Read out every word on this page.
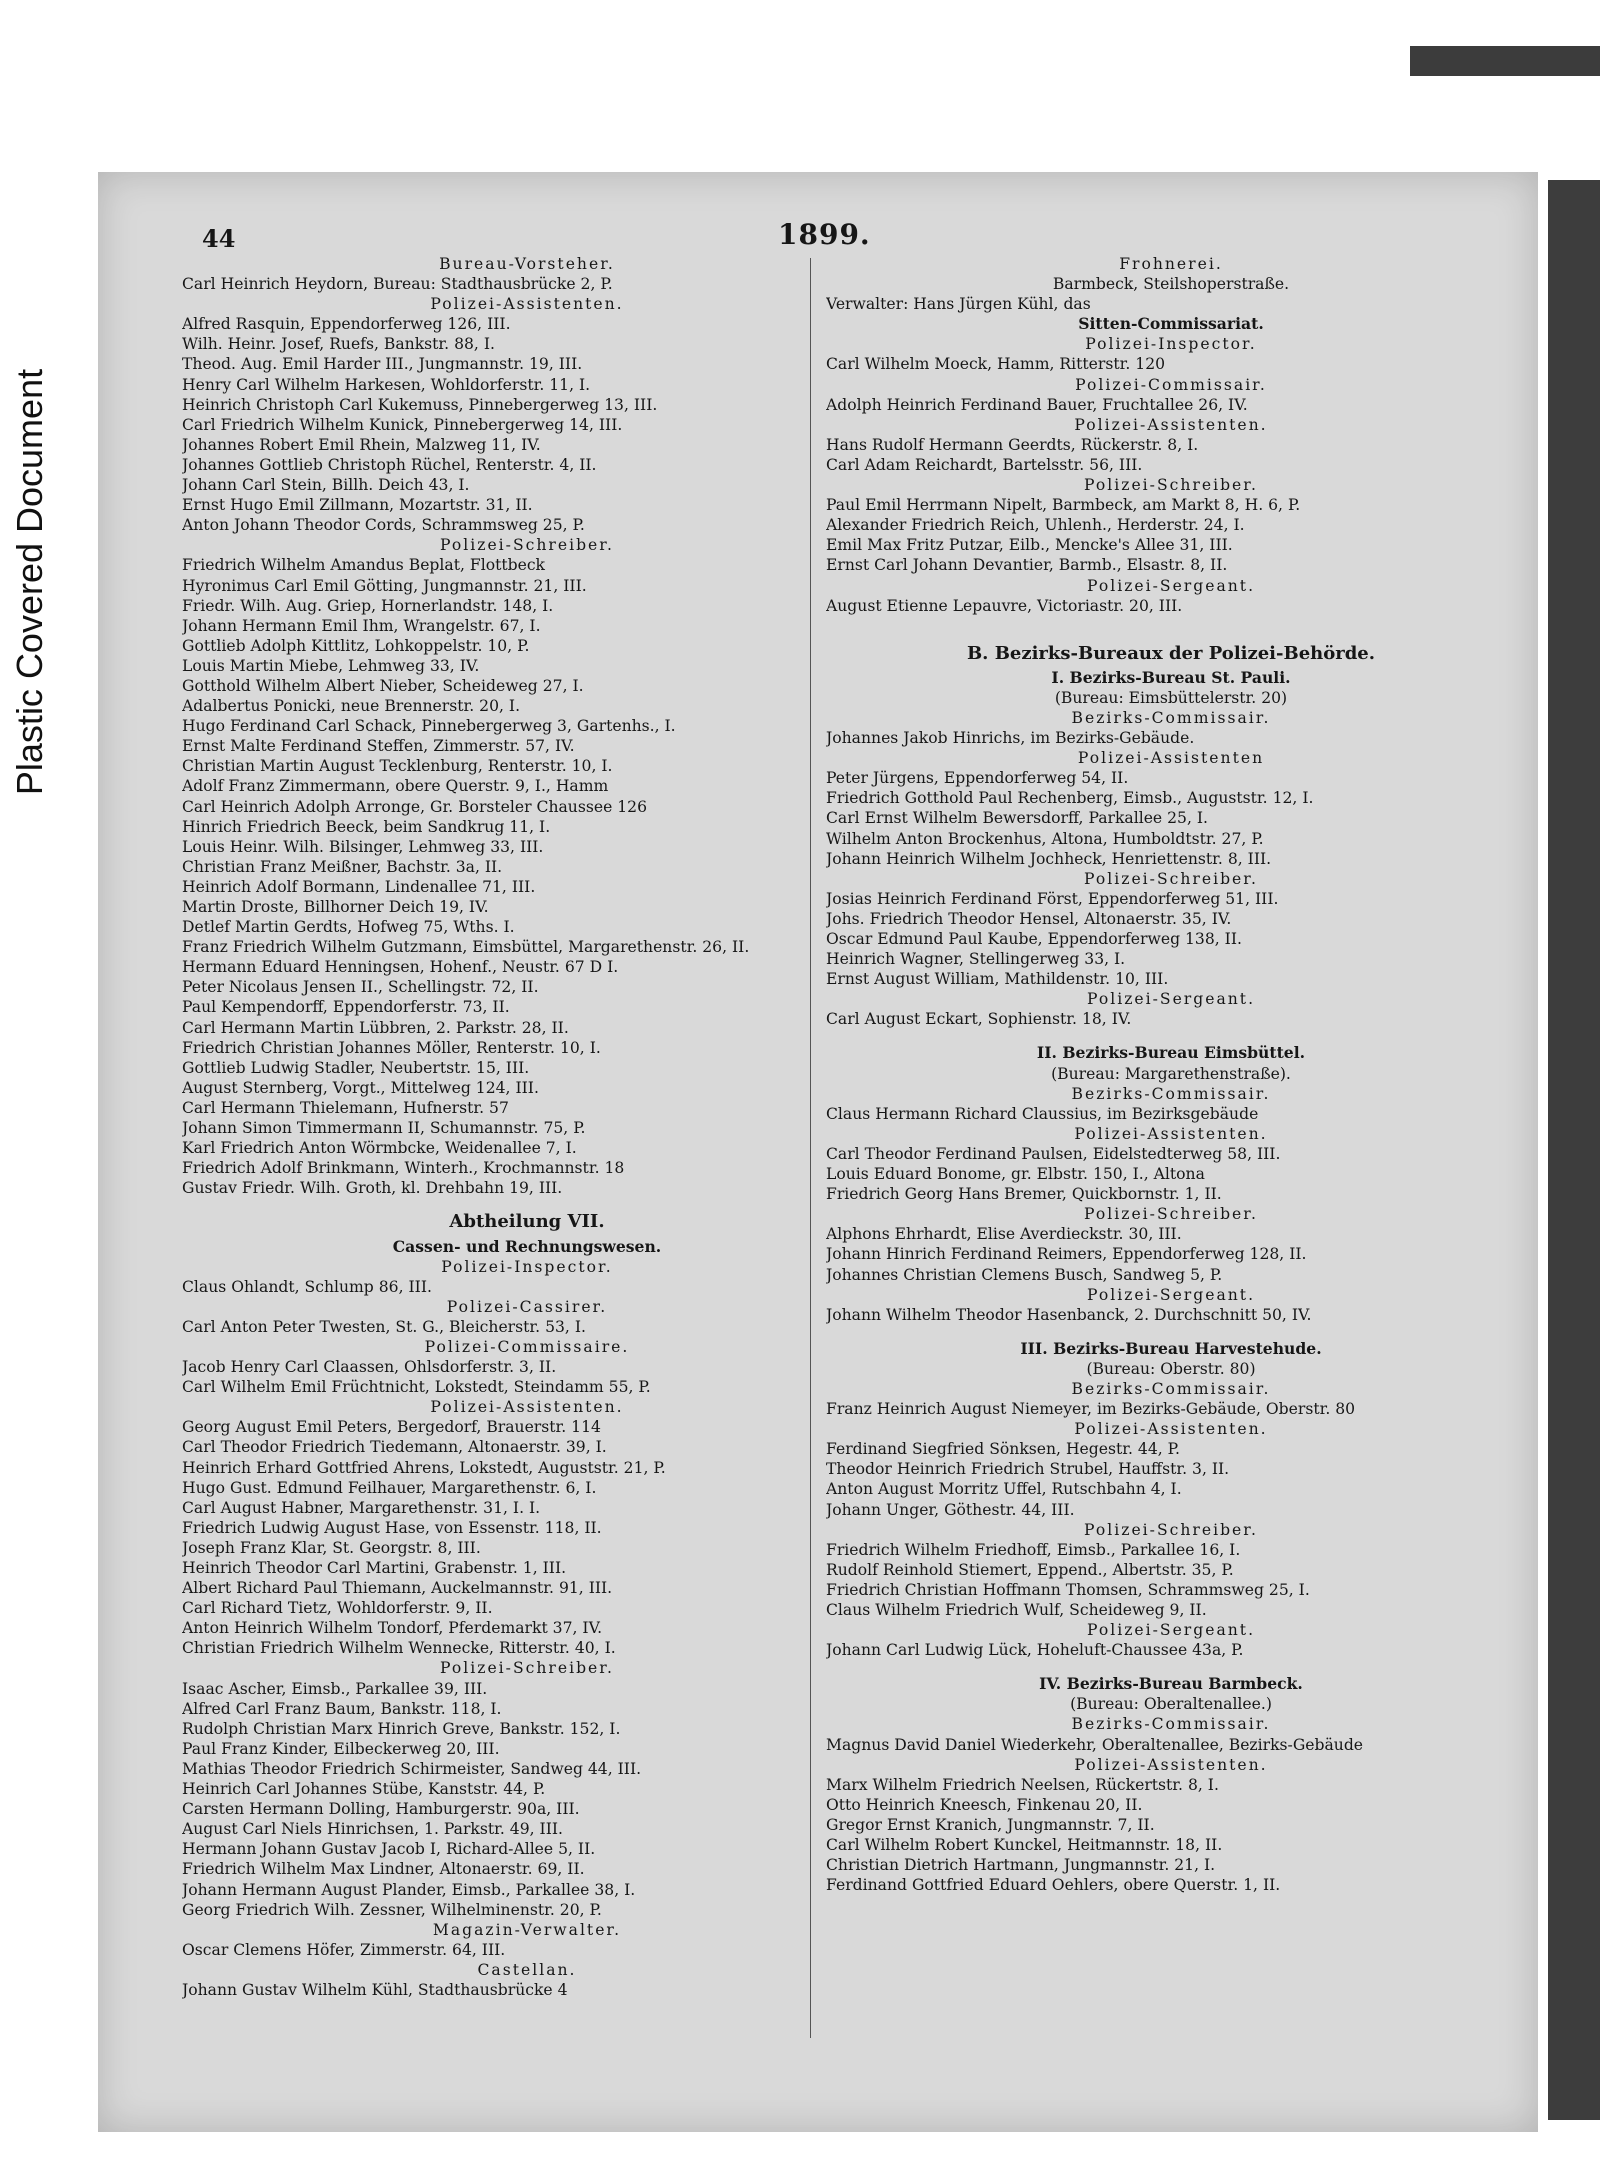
Plastic Covered Document
44	1899.
Bureau-Vorsteher.
Carl Heinrich Heydorn, Bureau: Stadthausbrücke 2, P.
Polizei-Assistenten.
Alfred Rasquin, Eppendorferweg 126, III.
Wilh. Heinr. Josef, Ruefs, Bankstr. 88, I.
Theod. Aug. Emil Harder III., Jungmannstr. 19, III.
Henry Carl Wilhelm Harkesen, Wohldorferstr. 11, I.
Heinrich Christoph Carl Kukemuss, Pinnebergerweg 13, III.
Carl Friedrich Wilhelm Kunick, Pinnebergerweg 14, III.
Johannes Robert Emil Rhein, Malzweg 11, IV.
Johannes Gottlieb Christoph Rüchel, Renterstr. 4, II.
Johann Carl Stein, Billh. Deich 43, I.
Ernst Hugo Emil Zillmann, Mozartstr. 31, II.
Anton Johann Theodor Cords, Schrammsweg 25, P.
Polizei-Schreiber.
Friedrich Wilhelm Amandus Beplat, Flottbeck
Hyronimus Carl Emil Götting, Jungmannstr. 21, III.
Friedr. Wilh. Aug. Griep, Hornerlandstr. 148, I.
Johann Hermann Emil Ihm, Wrangelstr. 67, I.
Gottlieb Adolph Kittlitz, Lohkoppelstr. 10, P.
Louis Martin Miebe, Lehmweg 33, IV.
Gotthold Wilhelm Albert Nieber, Scheideweg 27, I.
Adalbertus Ponicki, neue Brennerstr. 20, I.
Hugo Ferdinand Carl Schack, Pinnebergerweg 3, Gartenhs., I.
Ernst Malte Ferdinand Steffen, Zimmerstr. 57, IV.
Christian Martin August Tecklenburg, Renterstr. 10, I.
Adolf Franz Zimmermann, obere Querstr. 9, I., Hamm
Carl Heinrich Adolph Arronge, Gr. Borsteler Chaussee 126
Hinrich Friedrich Beeck, beim Sandkrug 11, I.
Louis Heinr. Wilh. Bilsinger, Lehmweg 33, III.
Christian Franz Meißner, Bachstr. 3a, II.
Heinrich Adolf Bormann, Lindenallee 71, III.
Martin Droste, Billhorner Deich 19, IV.
Detlef Martin Gerdts, Hofweg 75, Wths. I.
Franz Friedrich Wilhelm Gutzmann, Eimsbüttel, Margarethenstr. 26, II.
Hermann Eduard Henningsen, Hohenf., Neustr. 67 D I.
Peter Nicolaus Jensen II., Schellingstr. 72, II.
Paul Kempendorff, Eppendorferstr. 73, II.
Carl Hermann Martin Lübbren, 2. Parkstr. 28, II.
Friedrich Christian Johannes Möller, Renterstr. 10, I.
Gottlieb Ludwig Stadler, Neubertstr. 15, III.
August Sternberg, Vorgt., Mittelweg 124, III.
Carl Hermann Thielemann, Hufnerstr. 57
Johann Simon Timmermann II, Schumannstr. 75, P.
Karl Friedrich Anton Wörmbcke, Weidenallee 7, I.
Friedrich Adolf Brinkmann, Winterh., Krochmannstr. 18
Gustav Friedr. Wilh. Groth, kl. Drehbahn 19, III.
Abtheilung VII.
Cassen- und Rechnungswesen.
Polizei-Inspector.
Claus Ohlandt, Schlump 86, III.
Polizei-Cassirer.
Carl Anton Peter Twesten, St. G., Bleicherstr. 53, I.
Polizei-Commissaire.
Jacob Henry Carl Claassen, Ohlsdorferstr. 3, II.
Carl Wilhelm Emil Früchtnicht, Lokstedt, Steindamm 55, P.
Polizei-Assistenten.
Georg August Emil Peters, Bergedorf, Brauerstr. 114
Carl Theodor Friedrich Tiedemann, Altonaerstr. 39, I.
Heinrich Erhard Gottfried Ahrens, Lokstedt, Auguststr. 21, P.
Hugo Gust. Edmund Feilhauer, Margarethenstr. 6, I.
Carl August Habner, Margarethenstr. 31, I. I.
Friedrich Ludwig August Hase, von Essenstr. 118, II.
Joseph Franz Klar, St. Georgstr. 8, III.
Heinrich Theodor Carl Martini, Grabenstr. 1, III.
Albert Richard Paul Thiemann, Auckelmannstr. 91, III.
Carl Richard Tietz, Wohldorferstr. 9, II.
Anton Heinrich Wilhelm Tondorf, Pferdemarkt 37, IV.
Christian Friedrich Wilhelm Wennecke, Ritterstr. 40, I.
Polizei-Schreiber.
Isaac Ascher, Eimsb., Parkallee 39, III.
Alfred Carl Franz Baum, Bankstr. 118, I.
Rudolph Christian Marx Hinrich Greve, Bankstr. 152, I.
Paul Franz Kinder, Eilbeckerweg 20, III.
Mathias Theodor Friedrich Schirmeister, Sandweg 44, III.
Heinrich Carl Johannes Stübe, Kanststr. 44, P.
Carsten Hermann Dolling, Hamburgerstr. 90a, III.
August Carl Niels Hinrichsen, 1. Parkstr. 49, III.
Hermann Johann Gustav Jacob I, Richard-Allee 5, II.
Friedrich Wilhelm Max Lindner, Altonaerstr. 69, II.
Johann Hermann August Plander, Eimsb., Parkallee 38, I.
Georg Friedrich Wilh. Zessner, Wilhelminenstr. 20, P.
Magazin-Verwalter.
Oscar Clemens Höfer, Zimmerstr. 64, III.
Castellan.
Johann Gustav Wilhelm Kühl, Stadthausbrücke 4
Frohnerei.
Barmbeck, Steilshoperstraße.
Verwalter: Hans Jürgen Kühl, das
Sitten-Commissariat.
Polizei-Inspector.
Carl Wilhelm Moeck, Hamm, Ritterstr. 120
Polizei-Commissair.
Adolph Heinrich Ferdinand Bauer, Fruchtallee 26, IV.
Polizei-Assistenten.
Hans Rudolf Hermann Geerdts, Rückerstr. 8, I.
Carl Adam Reichardt, Bartelsstr. 56, III.
Polizei-Schreiber.
Paul Emil Herrmann Nipelt, Barmbeck, am Markt 8, H. 6, P.
Alexander Friedrich Reich, Uhlenh., Herderstr. 24, I.
Emil Max Fritz Putzar, Eilb., Mencke's Allee 31, III.
Ernst Carl Johann Devantier, Barmb., Elsastr. 8, II.
Polizei-Sergeant.
August Etienne Lepauvre, Victoriastr. 20, III.
B. Bezirks-Bureaux der Polizei-Behörde.
I. Bezirks-Bureau St. Pauli.
(Bureau: Eimsbüttelerstr. 20)
Bezirks-Commissair.
Johannes Jakob Hinrichs, im Bezirks-Gebäude.
Polizei-Assistenten
Peter Jürgens, Eppendorferweg 54, II.
Friedrich Gotthold Paul Rechenberg, Eimsb., Auguststr. 12, I.
Carl Ernst Wilhelm Bewersdorff, Parkallee 25, I.
Wilhelm Anton Brockenhus, Altona, Humboldtstr. 27, P.
Johann Heinrich Wilhelm Jochheck, Henriettenstr. 8, III.
Polizei-Schreiber.
Josias Heinrich Ferdinand Först, Eppendorferweg 51, III.
Johs. Friedrich Theodor Hensel, Altonaerstr. 35, IV.
Oscar Edmund Paul Kaube, Eppendorferweg 138, II.
Heinrich Wagner, Stellingerweg 33, I.
Ernst August William, Mathildenstr. 10, III.
Polizei-Sergeant.
Carl August Eckart, Sophienstr. 18, IV.
II. Bezirks-Bureau Eimsbüttel.
(Bureau: Margarethenstraße).
Bezirks-Commissair.
Claus Hermann Richard Claussius, im Bezirksgebäude
Polizei-Assistenten.
Carl Theodor Ferdinand Paulsen, Eidelstedterweg 58, III.
Louis Eduard Bonome, gr. Elbstr. 150, I., Altona
Friedrich Georg Hans Bremer, Quickbornstr. 1, II.
Polizei-Schreiber.
Alphons Ehrhardt, Elise Averdieckstr. 30, III.
Johann Hinrich Ferdinand Reimers, Eppendorferweg 128, II.
Johannes Christian Clemens Busch, Sandweg 5, P.
Polizei-Sergeant.
Johann Wilhelm Theodor Hasenbanck, 2. Durchschnitt 50, IV.
III. Bezirks-Bureau Harvestehude.
(Bureau: Oberstr. 80)
Bezirks-Commissair.
Franz Heinrich August Niemeyer, im Bezirks-Gebäude, Oberstr. 80
Polizei-Assistenten.
Ferdinand Siegfried Sönksen, Hegestr. 44, P.
Theodor Heinrich Friedrich Strubel, Hauffstr. 3, II.
Anton August Morritz Uffel, Rutschbahn 4, I.
Johann Unger, Göthestr. 44, III.
Polizei-Schreiber.
Friedrich Wilhelm Friedhoff, Eimsb., Parkallee 16, I.
Rudolf Reinhold Stiemert, Eppend., Albertstr. 35, P.
Friedrich Christian Hoffmann Thomsen, Schrammsweg 25, I.
Claus Wilhelm Friedrich Wulf, Scheideweg 9, II.
Polizei-Sergeant.
Johann Carl Ludwig Lück, Hoheluft-Chaussee 43a, P.
IV. Bezirks-Bureau Barmbeck.
(Bureau: Oberaltenallee.)
Bezirks-Commissair.
Magnus David Daniel Wiederkehr, Oberaltenallee, Bezirks-Gebäude
Polizei-Assistenten.
Marx Wilhelm Friedrich Neelsen, Rückertstr. 8, I.
Otto Heinrich Kneesch, Finkenau 20, II.
Gregor Ernst Kranich, Jungmannstr. 7, II.
Carl Wilhelm Robert Kunckel, Heitmannstr. 18, II.
Christian Dietrich Hartmann, Jungmannstr. 21, I.
Ferdinand Gottfried Eduard Oehlers, obere Querstr. 1, II.
